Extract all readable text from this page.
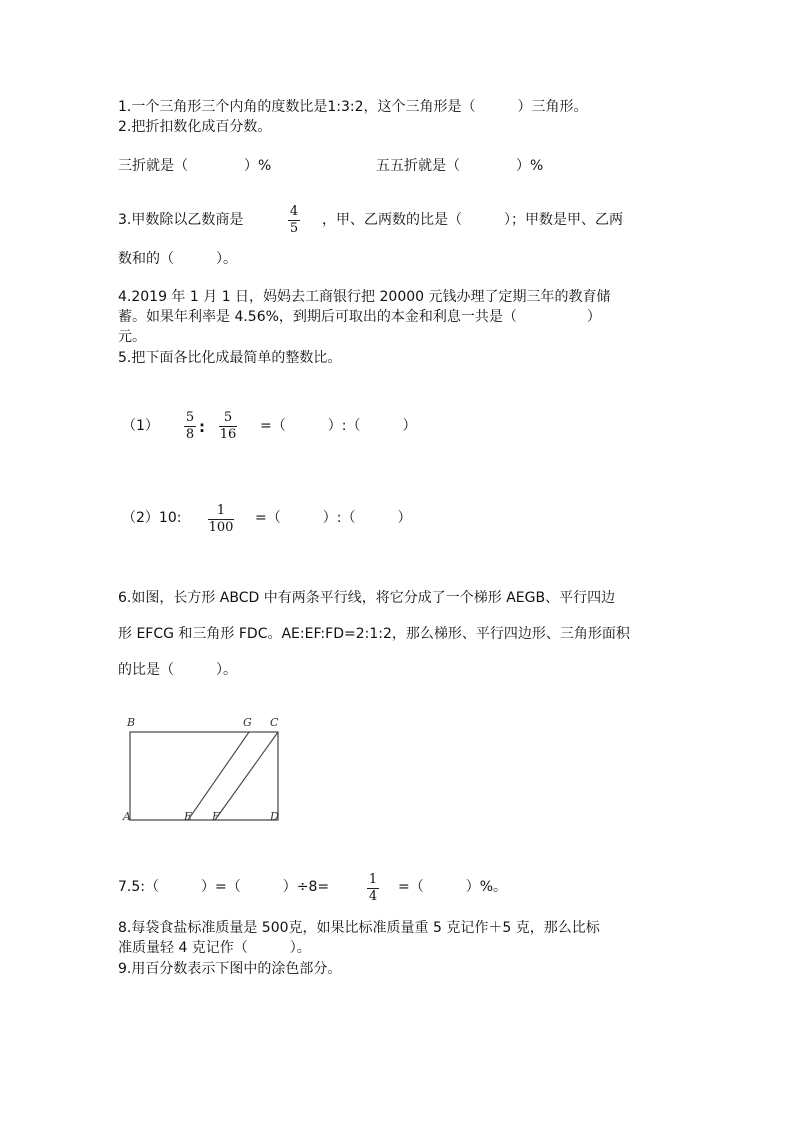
1.一个三角形三个内角的度数比是1:3:2，这个三角形是（　　　）三角形。
2.把折扣数化成百分数。
三折就是（　　　　）%	五五折就是（　　　　）%
3.甲数除以乙数商是
4
5
，甲、乙两数的比是（　　　）；甲数是甲、乙两
数和的（　　　）。
4.2019 年 1 月 1 日，妈妈去工商银行把 20000 元钱办理了定期三年的教育储
蓄。如果年利率是 4.56%，到期后可取出的本金和利息一共是（　　　　　）
元。
5.把下面各比化成最简单的整数比。
（1）
5
8 :
5
16
=（　　　）:（　　　）
（2）10:	1
100
=（　　　）:（　　　）
6.如图，长方形 ABCD 中有两条平行线，将它分成了一个梯形 AEGB、平行四边
形 EFCG 和三角形 FDC。AE:EF:FD=2:1:2，那么梯形、平行四边形、三角形面积
的比是（　　　）。
B	G C
A	E F	D
7.5:（　　　）=（　　　）÷8=	1
4
=（　　　）%。
8.每袋食盐标准质量是 500克，如果比标准质量重 5 克记作＋5 克，那么比标
准质量轻 4 克记作（　　　）。
9.用百分数表示下图中的涂色部分。
